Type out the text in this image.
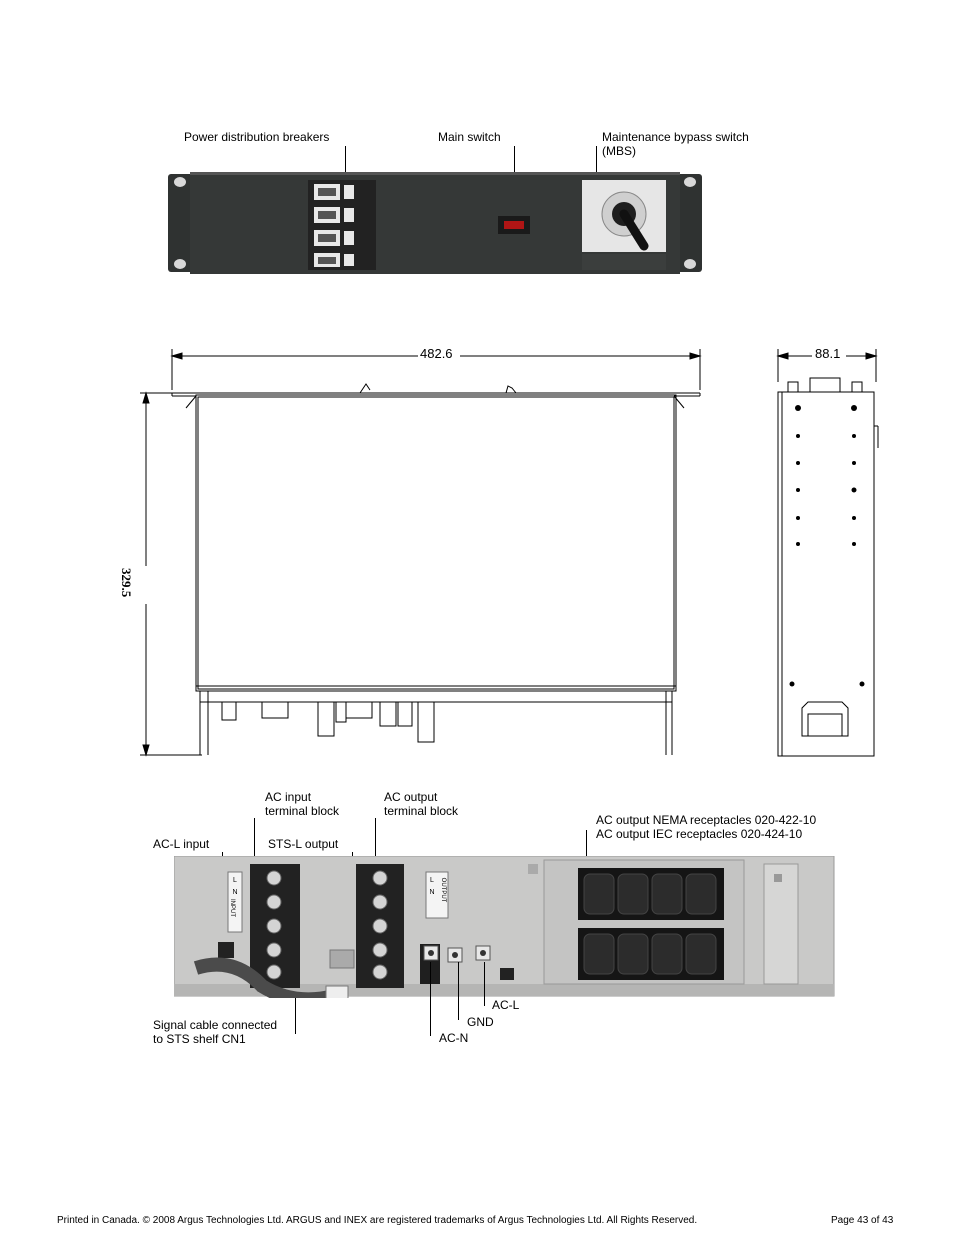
Power distribution breakers	Main switch	Maintenance bypass switch
(MBS)
482.6
329.5
88.1
AC input
terminal block
AC output
terminal block
AC output NEMA receptacles 020-422-10
AC output IEC receptacles 020-424-10
AC-L input	STS-L output
L
N
INPUT
L
N OUTPUT
Signal cable connected
to STS shelf CN1
AC-L
GND
AC-N
Printed in Canada. © 2008 Argus Technologies Ltd. ARGUS and INEX are registered trademarks of Argus Technologies Ltd. All Rights Reserved.	Page 43 of 43
